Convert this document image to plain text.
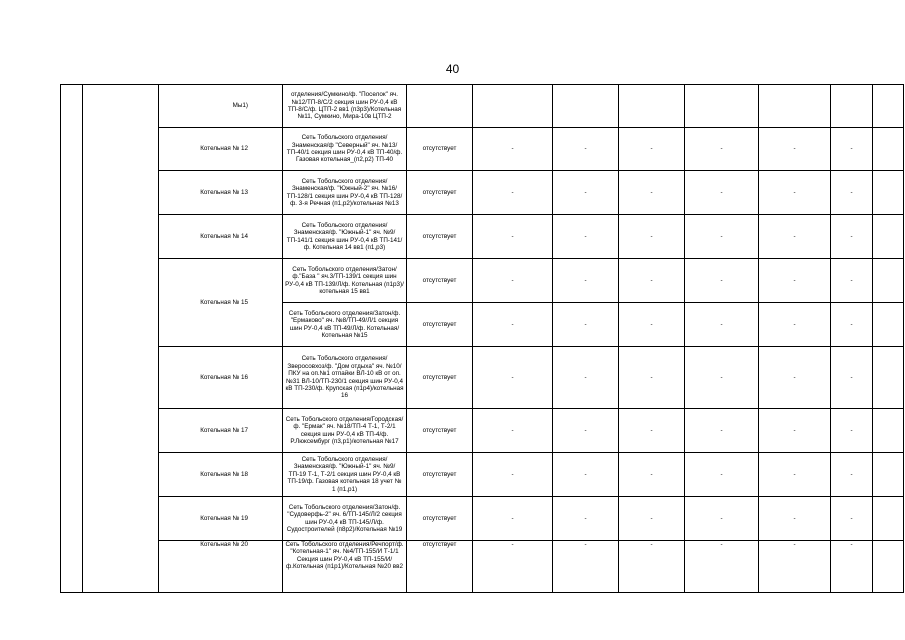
40
		Мы1)	отделения/Сумкино/ф. "Поселок" яч. №12/ТП-8/С/2 секция шин РУ-0,4 кВ ТП-8/С/ф. ЦТП-2 вв1 (п3р3)/Котельная №11, Сумкино, Мира-10в ЦТП-2								
		Котельная № 12	Сеть Тобольского отделения/Знаменская/ф "Северный" яч. №13/ТП-40/1 секция шин РУ-0,4 кВ ТП-40/ф. Газовая котельная_(п2,р2) ТП-40	отсутствует	-	-	-	-	-	-	
		Котельная № 13	Сеть Тобольского отделения/Знаменская/ф. "Южный-2" яч. №16/ТП-128/1 секция шин РУ-0,4 кВ ТП-128/ф. 3-я Речная (п1,р2)/котельная №13	отсутствует	-	-	-	-	-	-	
		Котельная № 14	Сеть Тобольского отделения/Знаменская/ф. "Южный-1" яч. №9/ТП-141/1 секция шин РУ-0,4 кВ ТП-141/ф. Котельная 14 вв1 (п1,р3)	отсутствует	-	-	-	-	-	-	
		Котельная № 15	Сеть Тобольского отделения/Затон/ф."База " яч.3/ТП-139/1 секция шин РУ-0,4 кВ ТП-139/Л/ф. Котельная (п1р3)/котельная 15 вв1	отсутствует	-	-	-	-	-	-	
			Сеть Тобольского отделения/Затон/ф. "Ермаково" яч. №8/ТП-49/Л/1 секция шин РУ-0,4 кВ ТП-49/Л/ф. Котельная/Котельная №15	отсутствует	-	-	-	-	-	-	
		Котельная № 16	Сеть Тобольского отделения/Зверосовхоз/ф. "Дом отдыха" яч. №10/ПКУ на оп.№1 отпайки ВЛ-10 кВ от оп.№31 ВЛ-10/ТП-230/1 секция шин РУ-0,4 кВ ТП-230/ф. Крупская (п1р4)/котельная 16	отсутствует	-	-	-	-	-	-	
		Котельная № 17	Сеть Тобольского отделения/Городская/ф. "Ермак" яч. №18/ТП-4 Т-1, Т-2/1 секция шин РУ-0,4 кВ ТП-4/ф. Р.Люксембург (п3,р1)/котельная №17	отсутствует	-	-	-	-	-	-	
		Котельная № 18	Сеть Тобольского отделения/Знаменская/ф. "Южный-1" яч. №9/ТП-19 Т-1, Т-2/1 секция шин РУ-0,4 кВ ТП-19/ф. Газовая котельная 18 учет № 1 (п1,р1)	отсутствует	-	-	-	-	-	-	
		Котельная № 19	Сеть Тобольского отделения/Затон/ф. "Судоверфь-2" яч. 6/ТП-145/Л/2 секция шин РУ-0,4 кВ ТП-145/Л/ф. Судостроителей (п8р2)/Котельная №19	отсутствует	-	-	-	-	-	-	
		Котельная № 20	Сеть Тобольского отделения/Речпорт/ф. "Котельная-1" яч. №4/ТП-155/И Т-1/1 Секция шин РУ-0,4 кВ ТП-155/И/ф.Котельная (п1р1)/Котельная №20 вв2	отсутствует	-	-	-	-	-	-	
